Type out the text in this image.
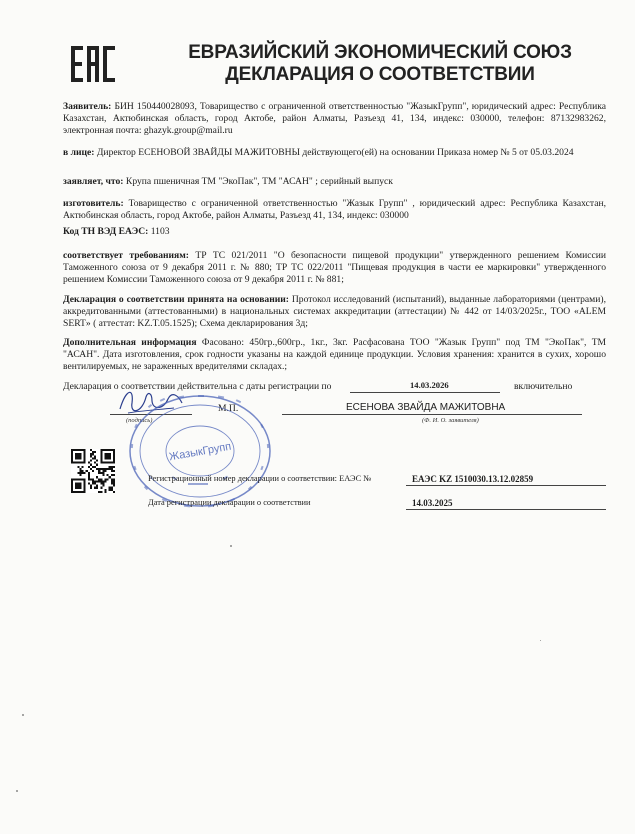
ЕВРАЗИЙСКИЙ ЭКОНОМИЧЕСКИЙ СОЮЗ
ДЕКЛАРАЦИЯ О СООТВЕТСТВИИ
Заявитель: БИН 150440028093, Товарищество с ограниченной ответственностью "ЖазыкГрупп", юридический адрес: Республика Казахстан, Актюбинская область, город Актобе, район Алматы, Разъезд 41, 134, индекс: 030000, телефон: 87132983262, электронная почта: ghazyk.group@mail.ru
в лице: Директор ЕСЕНОВОЙ ЗВАЙДЫ МАЖИТОВНЫ действующего(ей) на основании Приказа номер № 5 от 05.03.2024
заявляет, что: Крупа пшеничная ТМ "ЭкоПак", ТМ "АСАН" ; серийный выпуск
изготовитель: Товарищество с ограниченной ответственностью "Жазык Групп" , юридический адрес: Республика Казахстан, Актюбинская область, город Актобе, район Алматы, Разъезд 41, 134, индекс: 030000
Код ТН ВЭД ЕАЭС: 1103
соответствует требованиям: ТР ТС 021/2011 "О безопасности пищевой продукции" утвержденного решением Комиссии Таможенного союза от 9 декабря 2011 г. № 880; ТР ТС 022/2011 "Пищевая продукция в части ее маркировки" утвержденного решением Комиссии Таможенного союза от 9 декабря 2011 г. № 881;
Декларация о соответствии принята на основании: Протокол исследований (испытаний), выданные лабораториями (центрами), аккредитованными (аттестованными) в национальных системах аккредитации (аттестации) № 442 от 14/03/2025г., ТОО «ALEM SERT» ( аттестат: KZ.T.05.1525); Схема декларирования 3д;
Дополнительная информация Фасовано: 450гр.,600гр., 1кг., 3кг. Расфасована ТОО "Жазык Групп" под ТМ "ЭкоПак", ТМ "АСАН". Дата изготовления, срок годности указаны на каждой единице продукции. Условия хранения: хранится в сухих, хорошо вентилируемых, не зараженных вредителями складах.;
Декларация о соответствии действительна с даты регистрации по	14.03.2026	включительно
(подпись)
М.П.	ЕСЕНОВА ЗВАЙДА МАЖИТОВНА
(Ф. И. О. заявителя)
ЖазыкГрупп
Регистрационный номер декларации о соответствии: ЕАЭС №	ЕАЭС KZ 1510030.13.12.02859
Дата регистрации декларации о соответствии	14.03.2025
